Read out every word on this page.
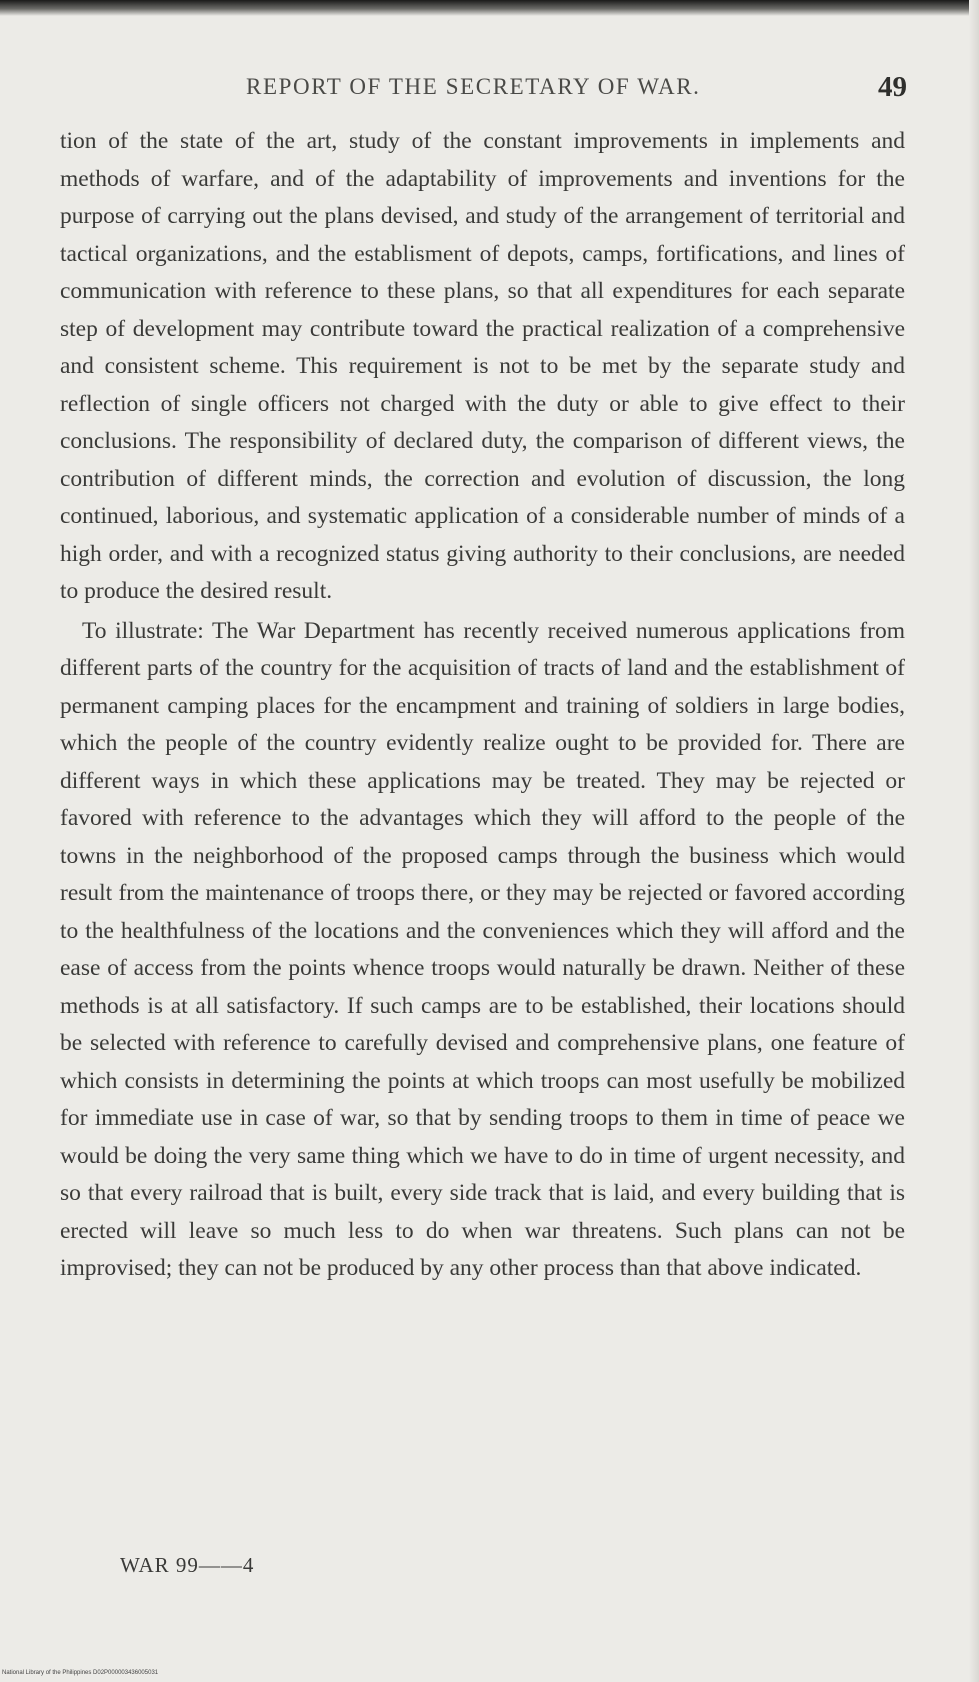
REPORT OF THE SECRETARY OF WAR.	49

tion of the state of the art, study of the constant improvements in implements and methods of warfare, and of the adaptability of improvements and inventions for the purpose of carrying out the plans devised, and study of the arrangement of territorial and tactical organizations, and the establisment of depots, camps, fortifications, and lines of communication with reference to these plans, so that all expenditures for each separate step of development may contribute toward the practical realization of a comprehensive and consistent scheme. This requirement is not to be met by the separate study and reflection of single officers not charged with the duty or able to give effect to their conclusions. The responsibility of declared duty, the comparison of different views, the contribution of different minds, the correction and evolution of discussion, the long continued, laborious, and systematic application of a considerable number of minds of a high order, and with a recognized status giving authority to their conclusions, are needed to produce the desired result.

To illustrate: The War Department has recently received numerous applications from different parts of the country for the acquisition of tracts of land and the establishment of permanent camping places for the encampment and training of soldiers in large bodies, which the people of the country evidently realize ought to be provided for. There are different ways in which these applications may be treated. They may be rejected or favored with reference to the advantages which they will afford to the people of the towns in the neighborhood of the proposed camps through the business which would result from the maintenance of troops there, or they may be rejected or favored according to the healthfulness of the locations and the conveniences which they will afford and the ease of access from the points whence troops would naturally be drawn. Neither of these methods is at all satisfactory. If such camps are to be established, their locations should be selected with reference to carefully devised and comprehensive plans, one feature of which consists in determining the points at which troops can most usefully be mobilized for immediate use in case of war, so that by sending troops to them in time of peace we would be doing the very same thing which we have to do in time of urgent necessity, and so that every railroad that is built, every side track that is laid, and every building that is erected will leave so much less to do when war threatens. Such plans can not be improvised; they can not be produced by any other process than that above indicated.

WAR 99——4
National Library of the Philippines D02P000003436005031
